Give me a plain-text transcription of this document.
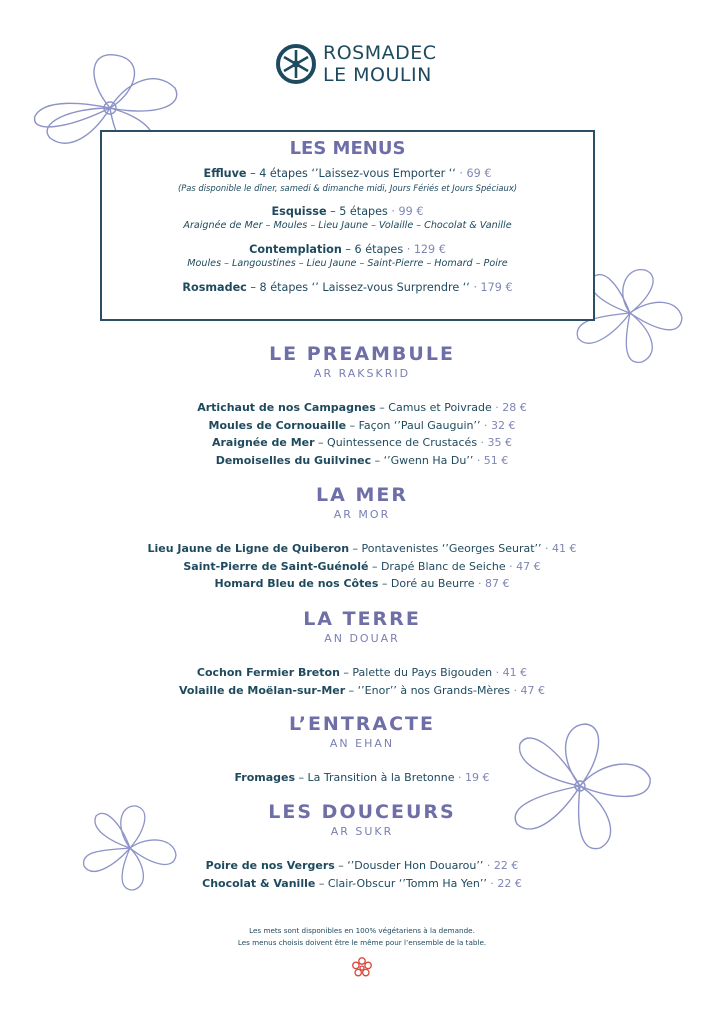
ROSMADEC
LE MOULIN
LES MENUS
Effluve – 4 étapes ‘’Laissez-vous Emporter ‘‘ · 69 €
(Pas disponible le dîner, samedi & dimanche midi, Jours Fériés et Jours Spéciaux)
Esquisse – 5 étapes · 99 €
Araignée de Mer – Moules – Lieu Jaune – Volaille – Chocolat & Vanille
Contemplation – 6 étapes · 129 €
Moules – Langoustines – Lieu Jaune – Saint-Pierre – Homard – Poire
Rosmadec – 8 étapes ‘’ Laissez-vous Surprendre ‘‘ · 179 €
LE PREAMBULE
AR RAKSKRID
Artichaut de nos Campagnes – Camus et Poivrade · 28 €
Moules de Cornouaille – Façon ‘’Paul Gauguin’’ · 32 €
Araignée de Mer – Quintessence de Crustacés · 35 €
Demoiselles du Guilvinec – ‘’Gwenn Ha Du’’ · 51 €
LA MER
AR MOR
Lieu Jaune de Ligne de Quiberon – Pontavenistes ‘’Georges Seurat’’ · 41 €
Saint-Pierre de Saint-Guénolé – Drapé Blanc de Seiche · 47 €
Homard Bleu de nos Côtes – Doré au Beurre · 87 €
LA TERRE
AN DOUAR
Cochon Fermier Breton – Palette du Pays Bigouden · 41 €
Volaille de Moëlan-sur-Mer – ‘’Enor’’ à nos Grands-Mères · 47 €
L’ENTRACTE
AN EHAN
Fromages – La Transition à la Bretonne · 19 €
LES DOUCEURS
AR SUKR
Poire de nos Vergers – ‘’Dousder Hon Douarou’’ · 22 €
Chocolat & Vanille – Clair-Obscur ‘’Tomm Ha Yen’’ · 22 €
Les mets sont disponibles en 100% végétariens à la demande.
Les menus choisis doivent être le même pour l’ensemble de la table.
